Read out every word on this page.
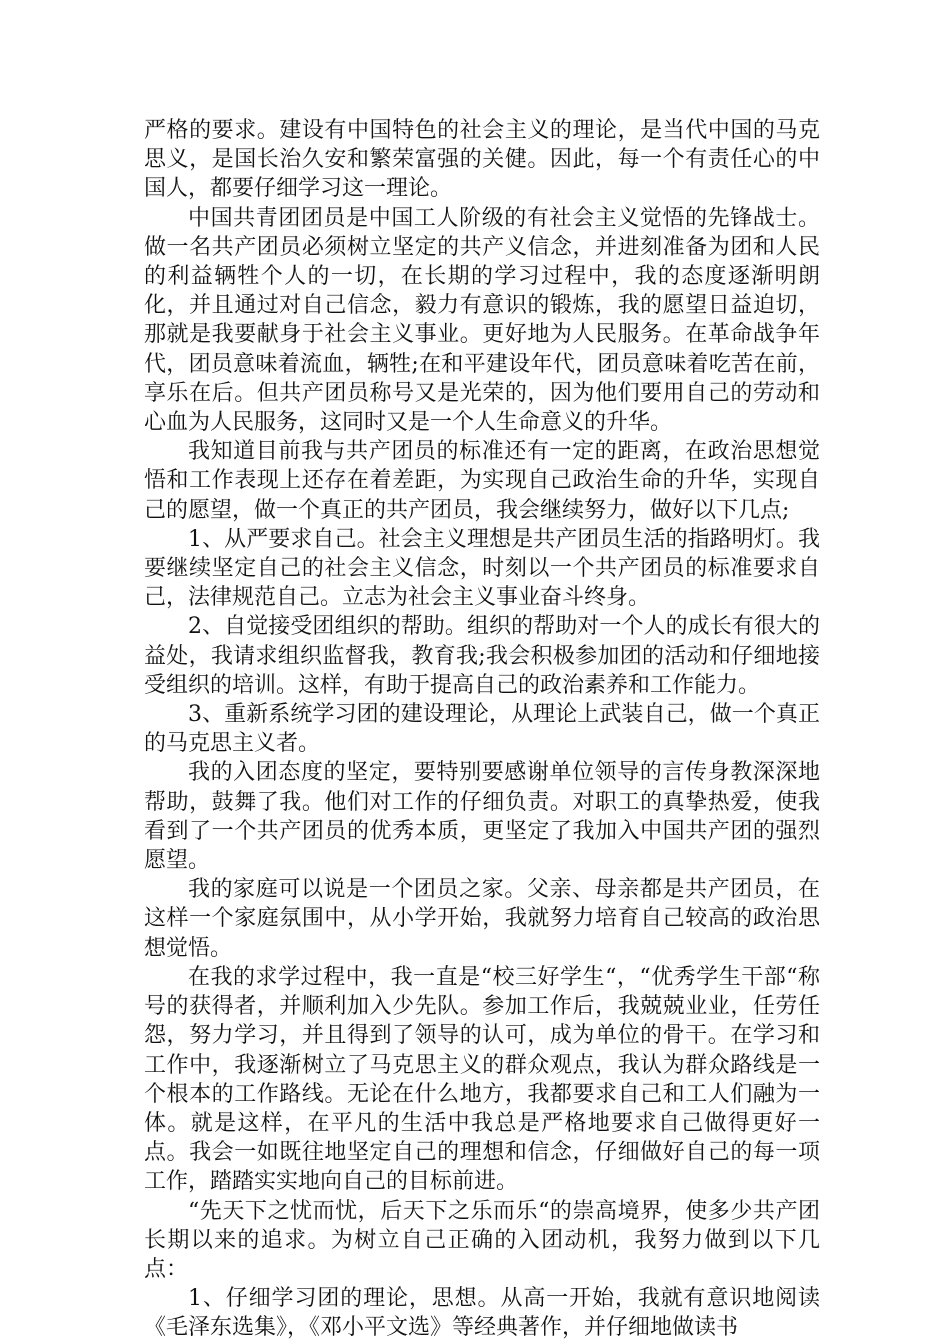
严格的要求。建设有中国特色的社会主义的理论，是当代中国的马克思义，是国长治久安和繁荣富强的关健。因此，每一个有责任心的中国人，都要仔细学习这一理论。

中国共青团团员是中国工人阶级的有社会主义觉悟的先锋战士。做一名共产团员必须树立坚定的共产义信念，并进刻准备为团和人民的利益辆牲个人的一切，在长期的学习过程中，我的态度逐渐明朗化，并且通过对自己信念，毅力有意识的锻炼，我的愿望日益迫切，那就是我要献身于社会主义事业。更好地为人民服务。在革命战争年代，团员意味着流血，辆牲;在和平建设年代，团员意味着吃苦在前，享乐在后。但共产团员称号又是光荣的，因为他们要用自己的劳动和心血为人民服务，这同时又是一个人生命意义的升华。

我知道目前我与共产团员的标准还有一定的距离，在政治思想觉悟和工作表现上还存在着差距，为实现自己政治生命的升华，实现自己的愿望，做一个真正的共产团员，我会继续努力，做好以下几点;

1、从严要求自己。社会主义理想是共产团员生活的指路明灯。我要继续坚定自己的社会主义信念，时刻以一个共产团员的标准要求自己，法律规范自己。立志为社会主义事业奋斗终身。

2、自觉接受团组织的帮助。组织的帮助对一个人的成长有很大的益处，我请求组织监督我，教育我;我会积极参加团的活动和仔细地接受组织的培训。这样，有助于提高自己的政治素养和工作能力。

3、重新系统学习团的建设理论，从理论上武装自己，做一个真正的马克思主义者。

我的入团态度的坚定，要特别要感谢单位领导的言传身教深深地帮助，鼓舞了我。他们对工作的仔细负责。对职工的真挚热爱，使我看到了一个共产团员的优秀本质，更坚定了我加入中国共产团的强烈愿望。

我的家庭可以说是一个团员之家。父亲、母亲都是共产团员，在这样一个家庭氛围中，从小学开始，我就努力培育自己较高的政治思想觉悟。

在我的求学过程中，我一直是“校三好学生“，“优秀学生干部“称号的获得者，并顺利加入少先队。参加工作后，我兢兢业业，任劳任怨，努力学习，并且得到了领导的认可，成为单位的骨干。在学习和工作中，我逐渐树立了马克思主义的群众观点，我认为群众路线是一个根本的工作路线。无论在什么地方，我都要求自己和工人们融为一体。就是这样，在平凡的生活中我总是严格地要求自己做得更好一点。我会一如既往地坚定自己的理想和信念，仔细做好自己的每一项工作，踏踏实实地向自己的目标前进。

“先天下之忧而忧，后天下之乐而乐“的崇高境界，使多少共产团长期以来的追求。为树立自己正确的入团动机，我努力做到以下几点：

1、仔细学习团的理论，思想。从高一开始，我就有意识地阅读《毛泽东选集》，《邓小平文选》等经典著作，并仔细地做读书
